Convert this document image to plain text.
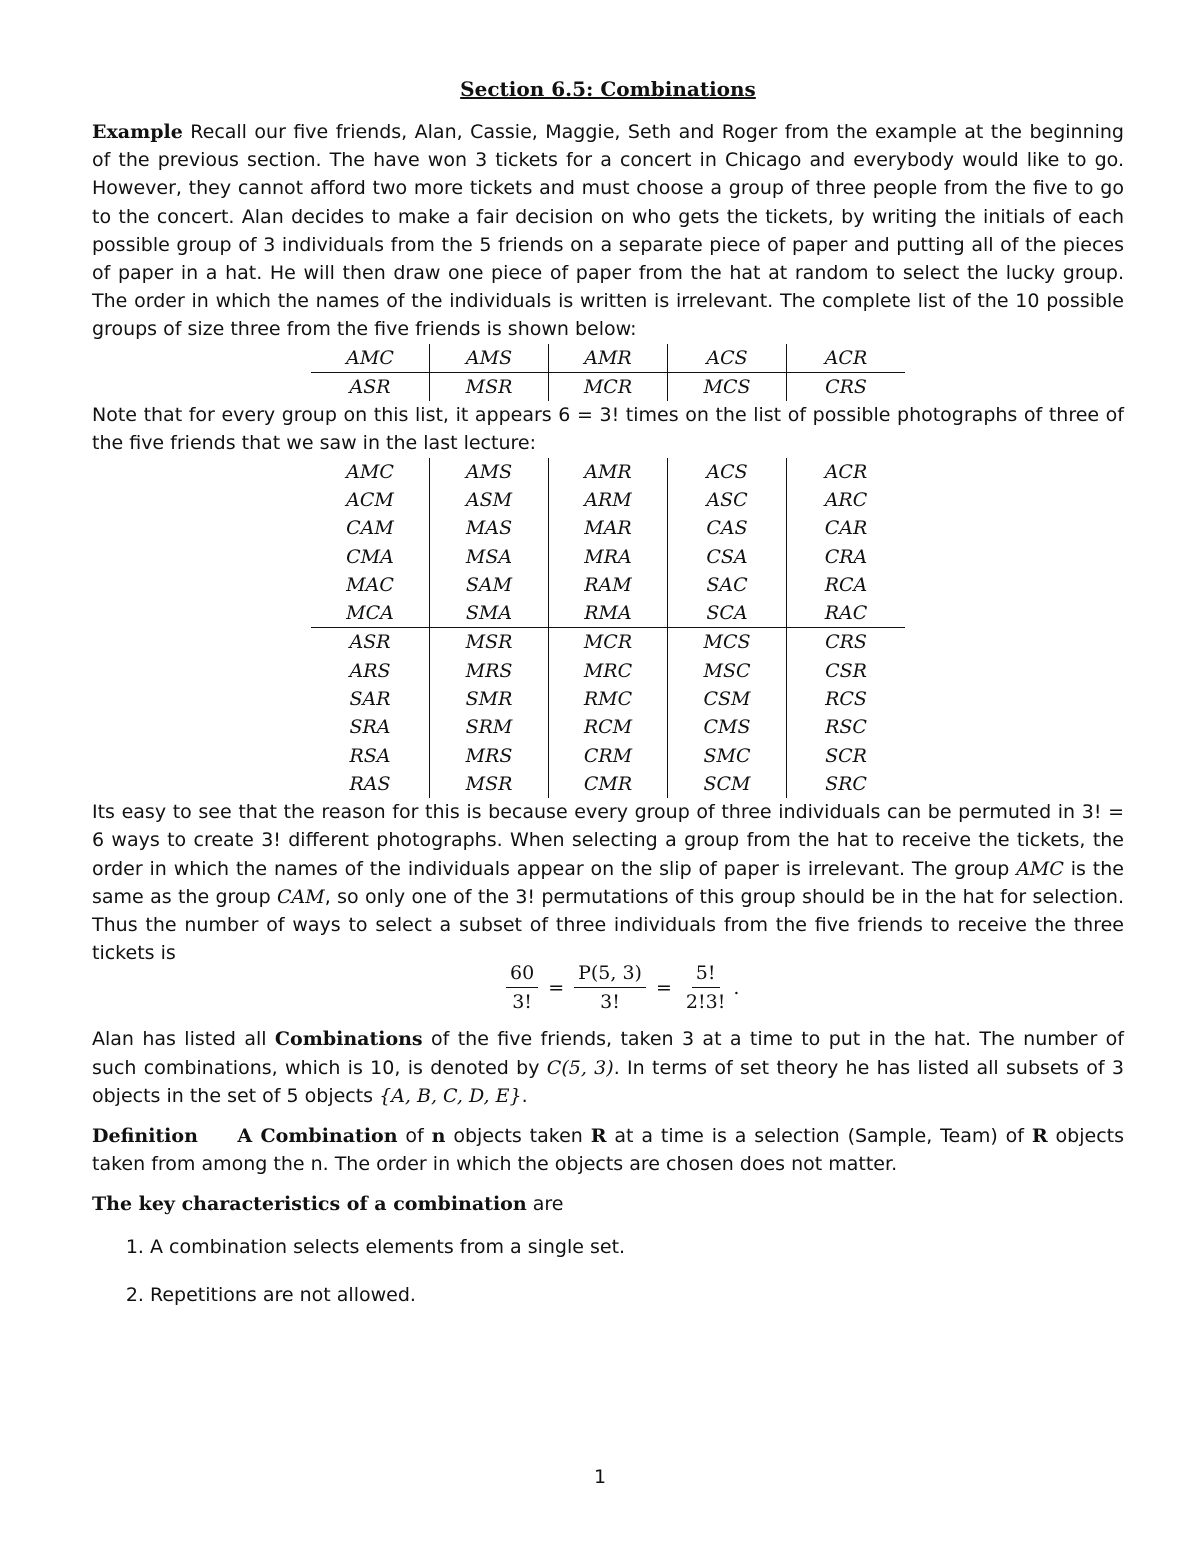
Section 6.5: Combinations

Example Recall our five friends, Alan, Cassie, Maggie, Seth and Roger from the example at the beginning of the previous section. The have won 3 tickets for a concert in Chicago and everybody would like to go. However, they cannot afford two more tickets and must choose a group of three people from the five to go to the concert. Alan decides to make a fair decision on who gets the tickets, by writing the initials of each possible group of 3 individuals from the 5 friends on a separate piece of paper and putting all of the pieces of paper in a hat. He will then draw one piece of paper from the hat at random to select the lucky group. The order in which the names of the individuals is written is irrelevant. The complete list of the 10 possible groups of size three from the five friends is shown below:

AMC	AMS	AMR	ACS	ACR
ASR	MSR	MCR	MCS	CRS

Note that for every group on this list, it appears 6 = 3! times on the list of possible photographs of three of the five friends that we saw in the last lecture:

AMC	AMS	AMR	ACS	ACR
ACM	ASM	ARM	ASC	ARC
CAM	MAS	MAR	CAS	CAR
CMA	MSA	MRA	CSA	CRA
MAC	SAM	RAM	SAC	RCA
MCA	SMA	RMA	SCA	RAC
ASR	MSR	MCR	MCS	CRS
ARS	MRS	MRC	MSC	CSR
SAR	SMR	RMC	CSM	RCS
SRA	SRM	RCM	CMS	RSC
RSA	MRS	CRM	SMC	SCR
RAS	MSR	CMR	SCM	SRC

Its easy to see that the reason for this is because every group of three individuals can be permuted in 3! = 6 ways to create 3! different photographs. When selecting a group from the hat to receive the tickets, the order in which the names of the individuals appear on the slip of paper is irrelevant. The group AMC is the same as the group CAM, so only one of the 3! permutations of this group should be in the hat for selection. Thus the number of ways to select a subset of three individuals from the five friends to receive the three tickets is

$\frac{60}{3!} = \frac{P(5, 3)}{3!} = \frac{5!}{2!3!}$ .

Alan has listed all Combinations of the five friends, taken 3 at a time to put in the hat. The number of such combinations, which is 10, is denoted by C(5, 3). In terms of set theory he has listed all subsets of 3 objects in the set of 5 objects {A, B, C, D, E}.

Definition A Combination of n objects taken R at a time is a selection (Sample, Team) of R objects taken from among the n. The order in which the objects are chosen does not matter.

The key characteristics of a combination are

1. A combination selects elements from a single set.
2. Repetitions are not allowed.
1
